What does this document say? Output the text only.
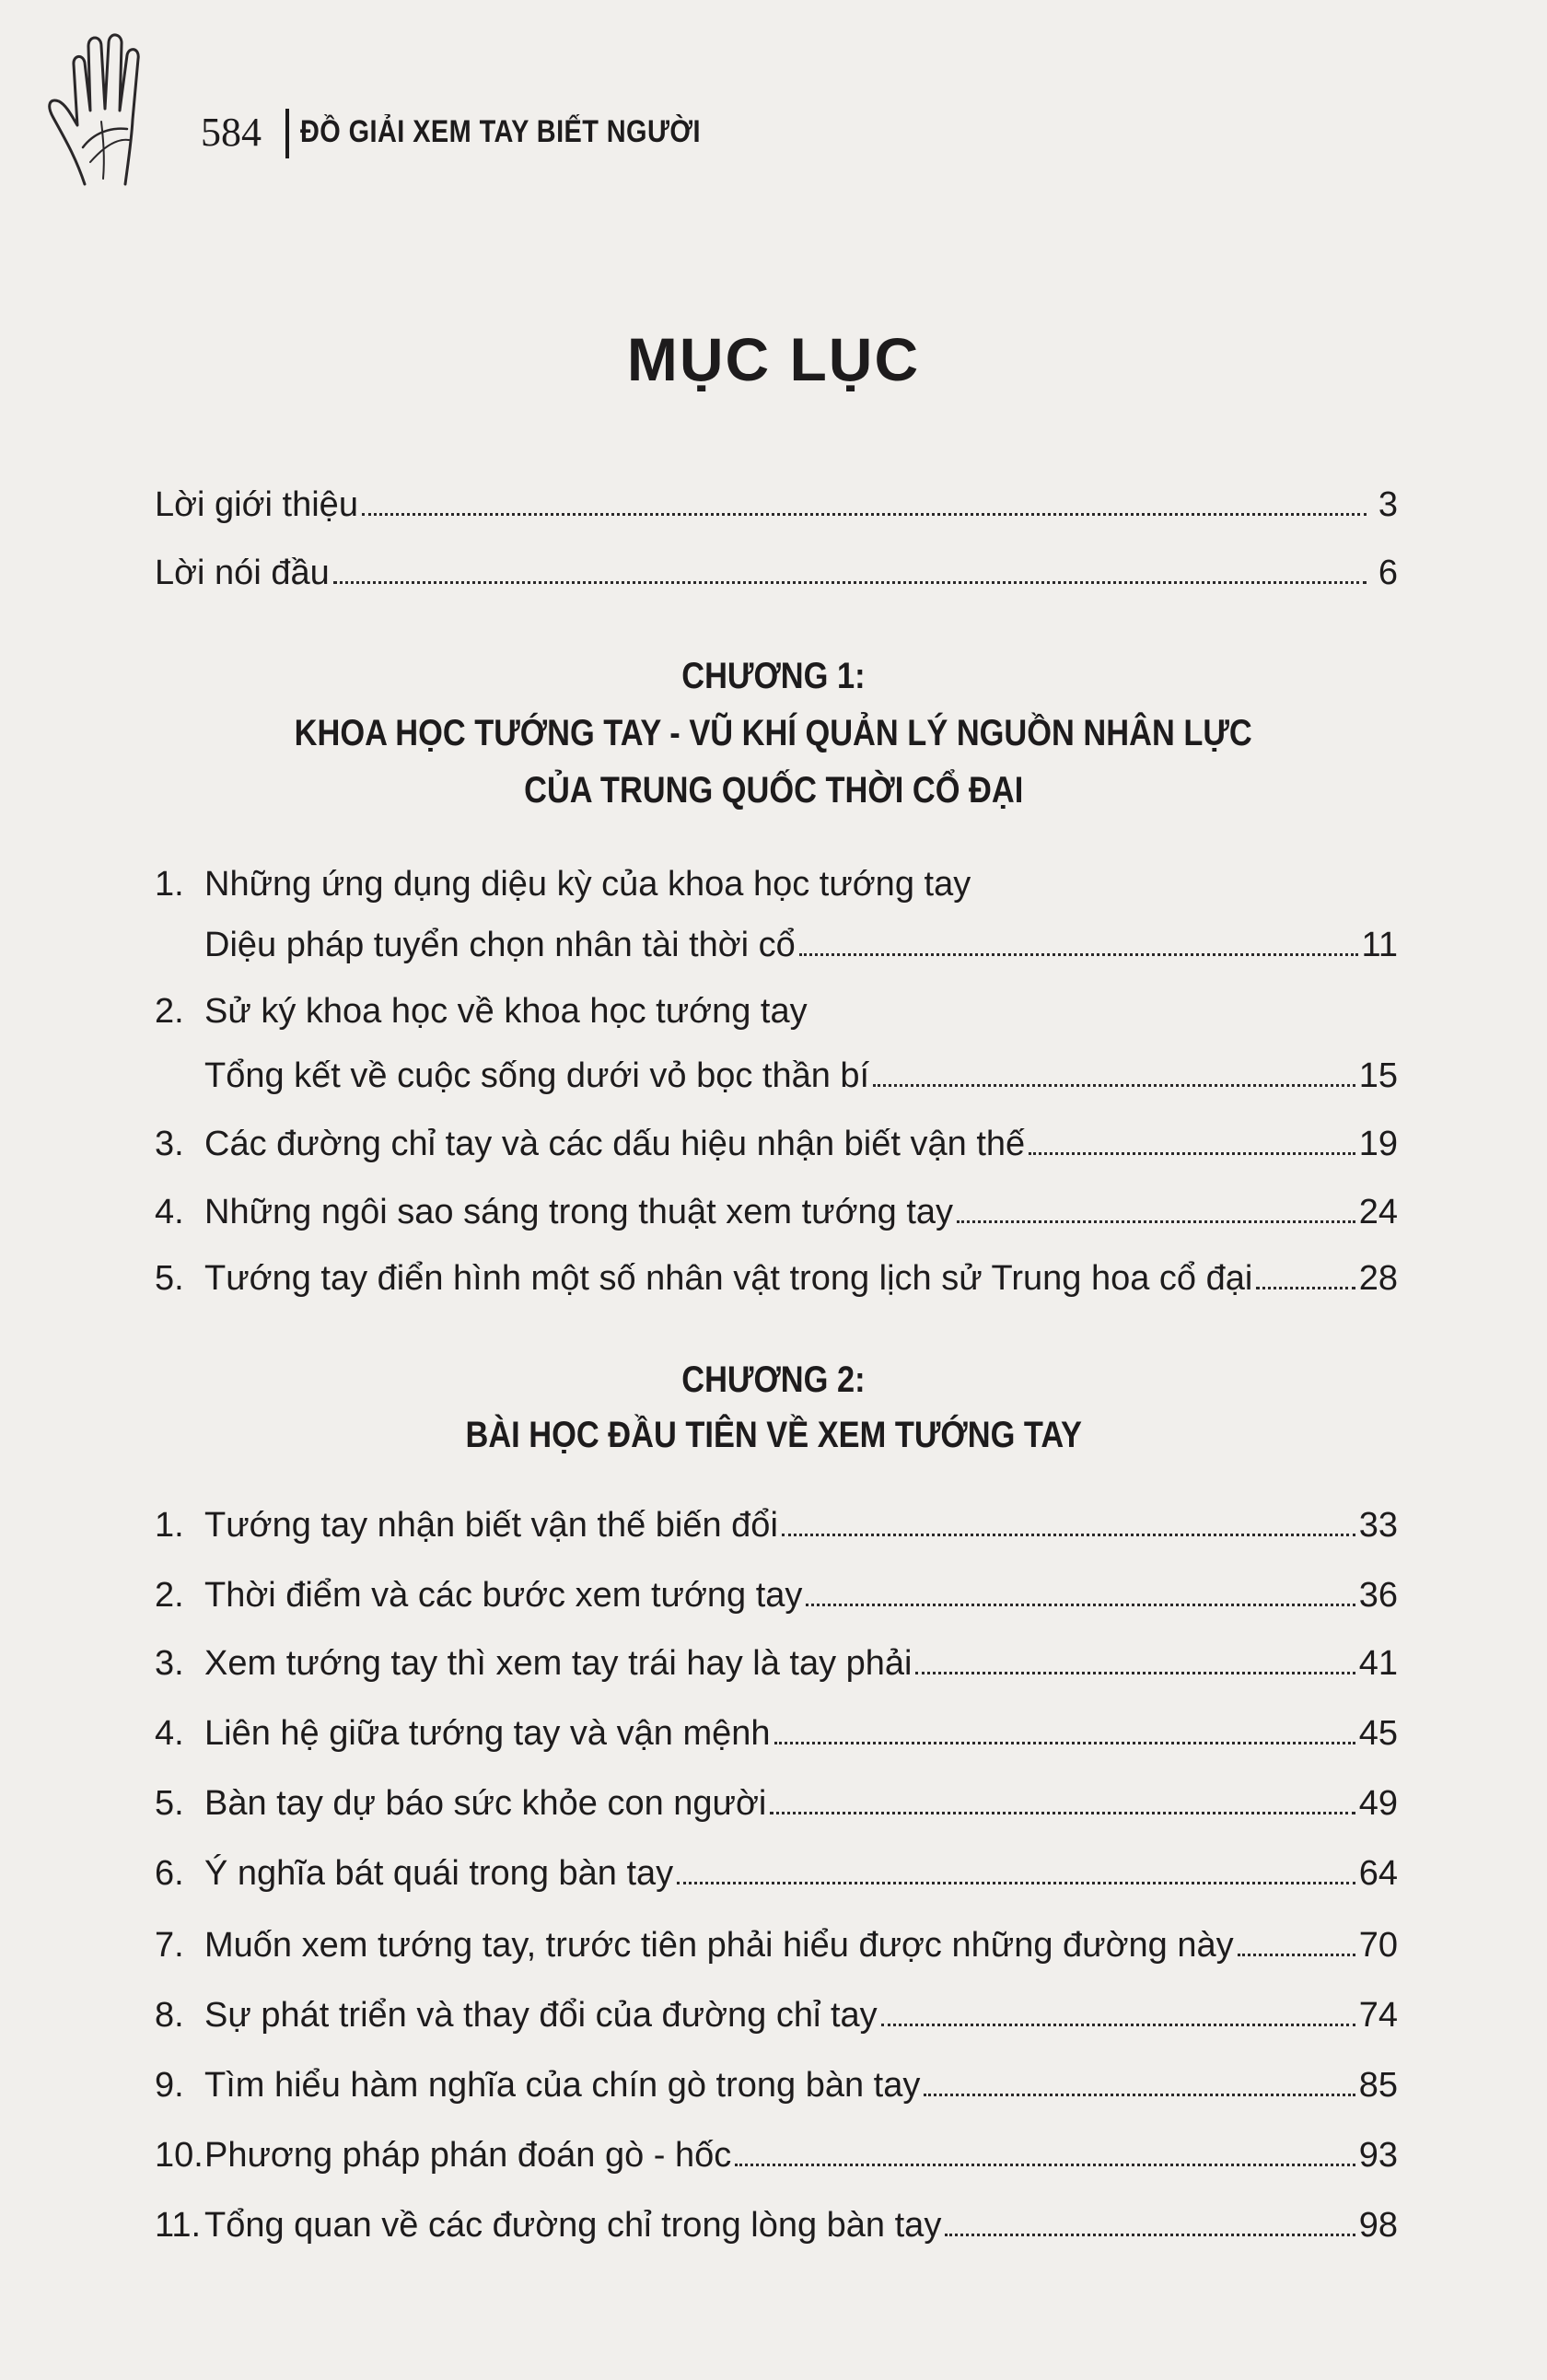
584 ĐỒ GIẢI XEM TAY BIẾT NGƯỜI
MỤC LỤC
Lời giới thiệu	3
Lời nói đầu	6
CHƯƠNG 1:
KHOA HỌC TƯỚNG TAY - VŨ KHÍ QUẢN LÝ NGUỒN NHÂN LỰC
CỦA TRUNG QUỐC THỜI CỔ ĐẠI
1. Những ứng dụng diệu kỳ của khoa học tướng tay
Diệu pháp tuyển chọn nhân tài thời cổ	11
2. Sử ký khoa học về khoa học tướng tay
Tổng kết về cuộc sống dưới vỏ bọc thần bí	15
3. Các đường chỉ tay và các dấu hiệu nhận biết vận thế	19
4. Những ngôi sao sáng trong thuật xem tướng tay	24
5. Tướng tay điển hình một số nhân vật trong lịch sử Trung hoa cổ đại	28
CHƯƠNG 2:
BÀI HỌC ĐẦU TIÊN VỀ XEM TƯỚNG TAY
1. Tướng tay nhận biết vận thế biến đổi	33
2. Thời điểm và các bước xem tướng tay	36
3. Xem tướng tay thì xem tay trái hay là tay phải	41
4. Liên hệ giữa tướng tay và vận mệnh	45
5. Bàn tay dự báo sức khỏe con người	49
6. Ý nghĩa bát quái trong bàn tay	64
7. Muốn xem tướng tay, trước tiên phải hiểu được những đường này	70
8. Sự phát triển và thay đổi của đường chỉ tay	74
9. Tìm hiểu hàm nghĩa của chín gò trong bàn tay	85
10. Phương pháp phán đoán gò - hốc	93
11. Tổng quan về các đường chỉ trong lòng bàn tay	98
